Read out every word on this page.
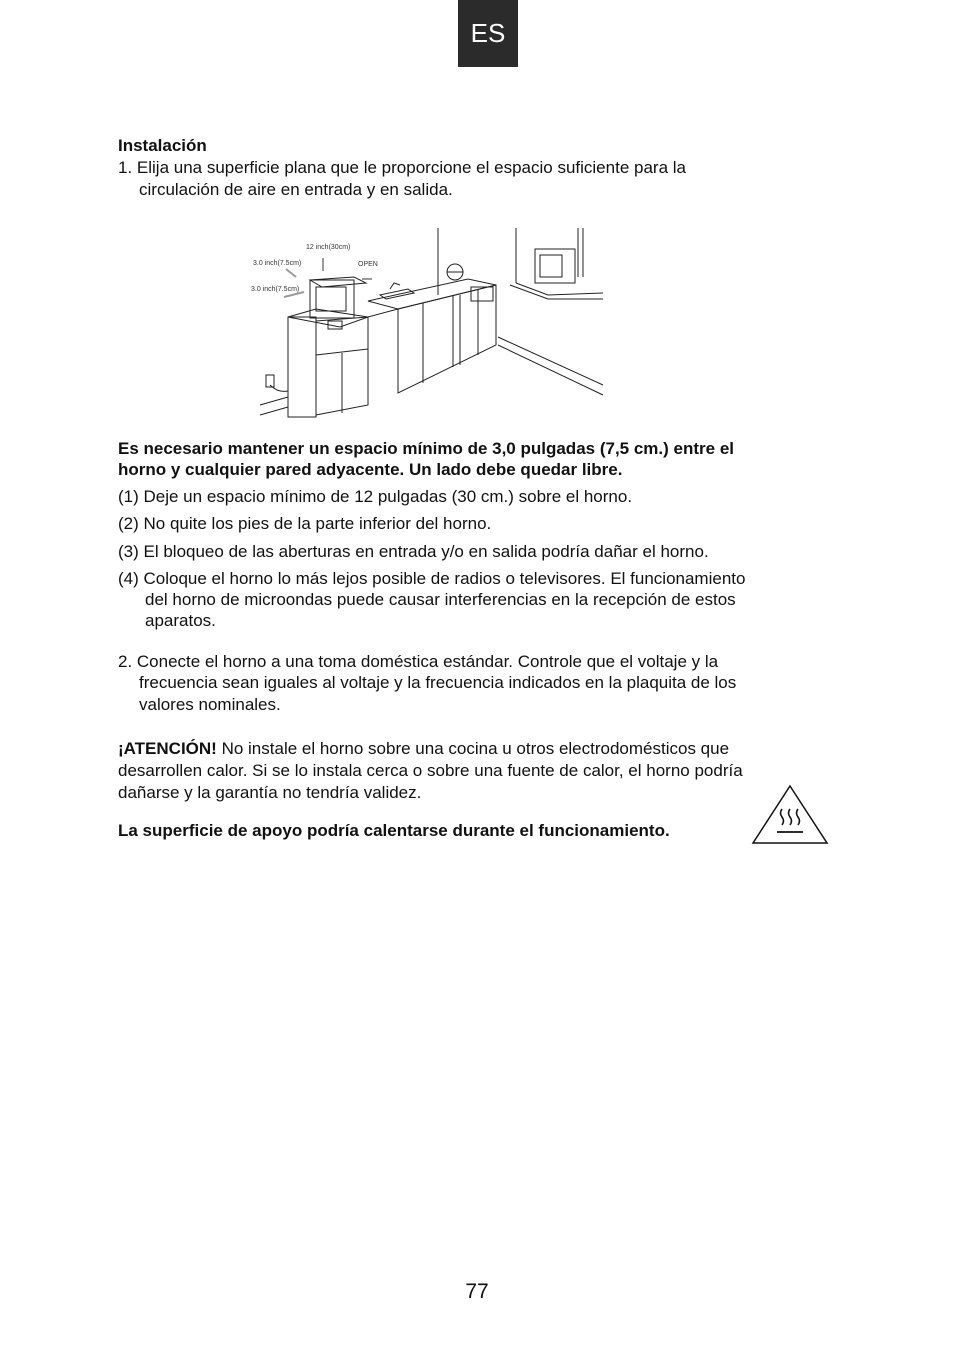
ES
Instalación
1. Elija una superficie plana que le proporcione el espacio suficiente para la
circulación de aire en entrada y en salida.
Es necesario mantener un espacio mínimo de 3,0 pulgadas (7,5 cm.) entre el
horno y cualquier pared adyacente. Un lado debe quedar libre.
(1) Deje un espacio mínimo de 12 pulgadas (30 cm.) sobre el horno.
(2) No quite los pies de la parte inferior del horno.
(3) El bloqueo de las aberturas en entrada y/o en salida podría dañar el horno.
(4) Coloque el horno lo más lejos posible de radios o televisores. El funcionamiento
del horno de microondas puede causar interferencias en la recepción de estos
aparatos.
2. Conecte el horno a una toma doméstica estándar. Controle que el voltaje y la
frecuencia sean iguales al voltaje y la frecuencia indicados en la plaquita de los
valores nominales.
¡ATENCIÓN! No instale el horno sobre una cocina u otros electrodomésticos que
desarrollen calor. Si se lo instala cerca o sobre una fuente de calor, el horno podría
dañarse y la garantía no tendría validez.
La superficie de apoyo podría calentarse durante el funcionamiento.
12 inch(30cm)
3.0 inch(7.5cm)
3.0 inch(7.5cm)
OPEN
77
